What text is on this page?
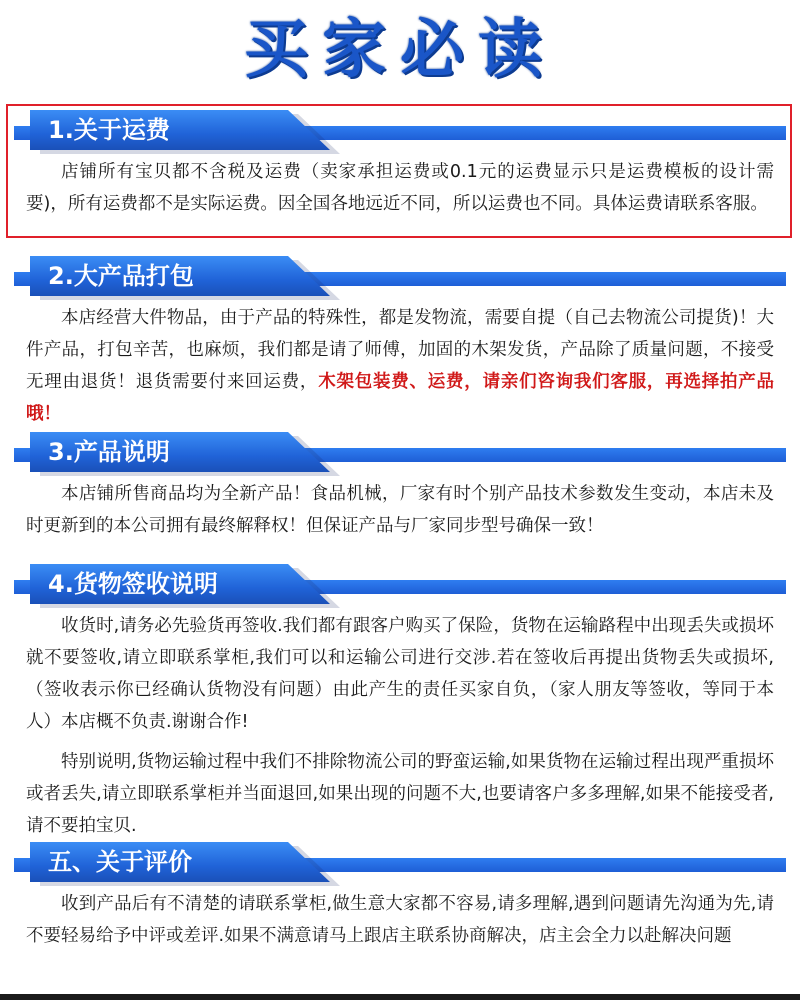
买家必读
1.关于运费

店铺所有宝贝都不含税及运费（卖家承担运费或0.1元的运费显示只是运费模板的设计需要)，所有运费都不是实际运费。因全国各地远近不同，所以运费也不同。具体运费请联系客服。

2.大产品打包

本店经营大件物品，由于产品的特殊性，都是发物流，需要自提（自己去物流公司提货)！大件产品，打包辛苦，也麻烦，我们都是请了师傅，加固的木架发货，产品除了质量问题，不接受无理由退货！退货需要付来回运费，木架包装费、运费，请亲们咨询我们客服，再选择拍产品哦！

3.产品说明

本店铺所售商品均为全新产品！食品机械，厂家有时个别产品技术参数发生变动，本店未及时更新到的本公司拥有最终解释权！但保证产品与厂家同步型号确保一致！

4.货物签收说明

收货时,请务必先验货再签收.我们都有跟客户购买了保险，货物在运输路程中出现丢失或损坏就不要签收,请立即联系掌柜,我们可以和运输公司进行交涉.若在签收后再提出货物丢失或损坏,（签收表示你已经确认货物没有问题）由此产生的责任买家自负，（家人朋友等签收，等同于本人）本店概不负责.谢谢合作!

特别说明,货物运输过程中我们不排除物流公司的野蛮运输,如果货物在运输过程出现严重损坏或者丢失,请立即联系掌柜并当面退回,如果出现的问题不大,也要请客户多多理解,如果不能接受者,请不要拍宝贝.

五、关于评价

收到产品后有不清楚的请联系掌柜,做生意大家都不容易,请多理解,遇到问题请先沟通为先,请不要轻易给予中评或差评.如果不满意请马上跟店主联系协商解决，店主会全力以赴解决问题
